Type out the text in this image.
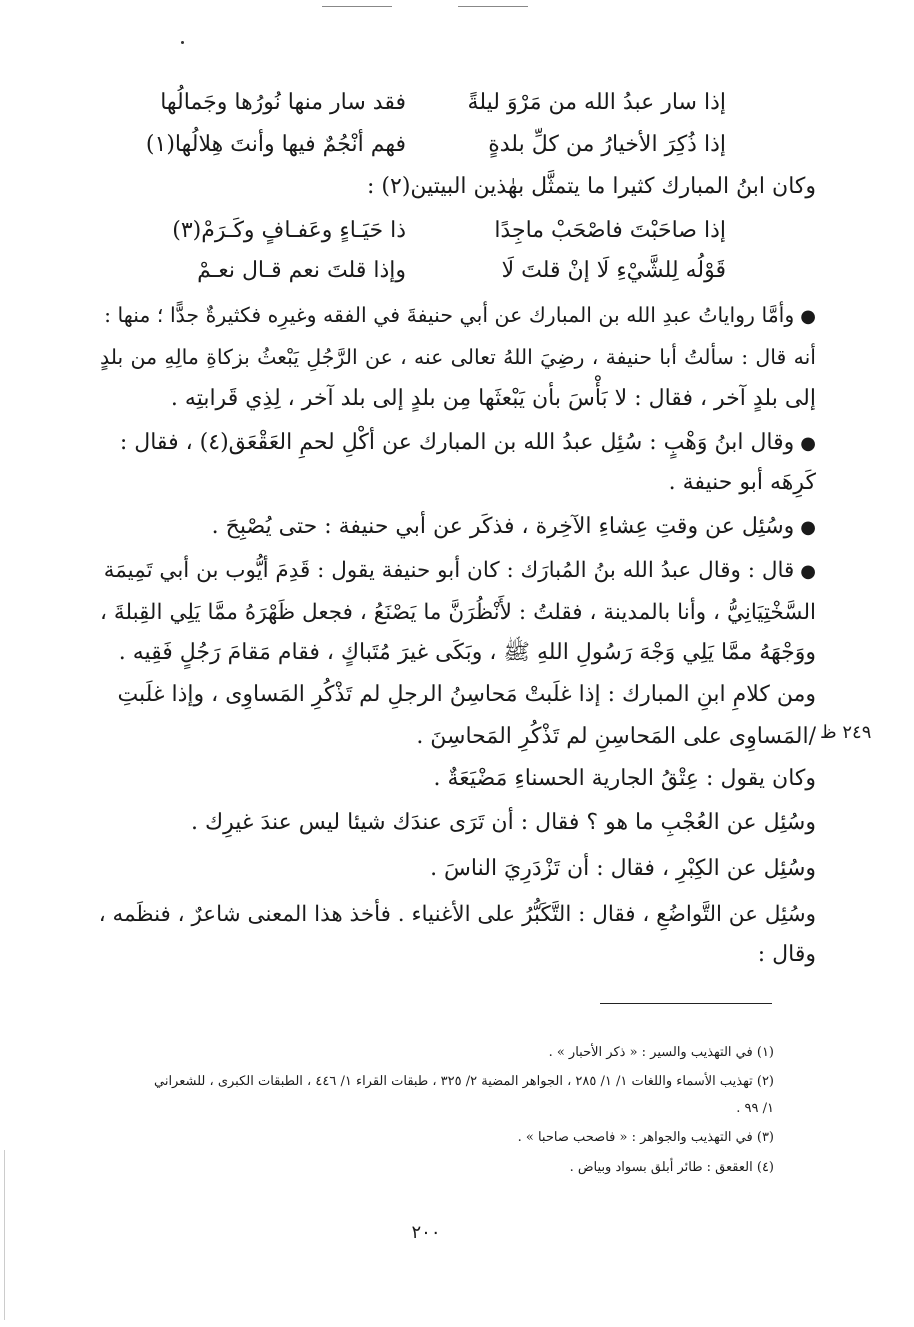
إذا سار عبدُ الله من مَرْوَ ليلةً
فقد سار منها نُورُها وجَمالُها
إذا ذُكِرَ الأخيارُ من كلِّ بلدةٍ
فهم أنْجُمٌ فيها وأنتَ هِلالُها(١)
وكان ابنُ المبارك كثيرا ما يتمثَّل بهٰذين البيتين(٢) :
إذا صاحَبْتَ فاصْحَبْ ماجِدًا
ذا حَيَـاءٍ وعَفـافٍ وكَـرَمْ(٣)
قَوْلُه لِلشَّيْءِ لَا إنْ قلتَ لَا
وإذا قلتَ نعم قـال نعـمْ
●وأمَّا رواياتُ عبدِ الله بن المبارك عن أبي حنيفةَ في الفقه وغيرِه فكثيرةٌ جدًّا ؛ منها :
أنه قال : سألتُ أبا حنيفة ، رضِيَ اللهُ تعالى عنه ، عن الرَّجُلِ يَبْعثُ بزكاةِ مالِهِ من بلدٍ
إلى بلدٍ آخر ، فقال : لا بَأْسَ بأن يَبْعثَها مِن بلدٍ إلى بلد آخر ، لِذِي قَرابتِه .
●وقال ابنُ وَهْبٍ : سُئِل عبدُ الله بن المبارك عن أكْلِ لحمِ العَقْعَق(٤) ، فقال :
كَرِهَه أبو حنيفة .
●وسُئِل عن وقتِ عِشاءِ الآخِرة ، فذكَر عن أبي حنيفة : حتى يُصْبِحَ .
●قال : وقال عبدُ الله بنُ المُبارَك : كان أبو حنيفة يقول : قَدِمَ أيُّوب بن أبي تَمِيمَة
السَّخْتِيَانِيُّ ، وأنا بالمدينة ، فقلتُ : لأَنْظُرَنَّ ما يَصْنَعُ ، فجعل ظَهْرَهُ ممَّا يَلِي القِبلةَ ،
ووَجْهَهُ ممَّا يَلِي وَجْهَ رَسُولِ اللهِ ﷺ ، وبَكَى غيرَ مُتَباكٍ ، فقام مَقامَ رَجُلٍ فَقِيه .
ومن كلامِ ابنِ المبارك : إذا غلَبتْ مَحاسِنُ الرجلِ لم تَذْكُرِ المَساوِى ، وإذا غلَبتِ
/المَساوِى على المَحاسِنِ لم تَذْكُرِ المَحاسِنَ .
وكان يقول : عِتْقُ الجارية الحسناءِ مَضْيَعَةٌ .
وسُئِل عن العُجْبِ ما هو ؟ فقال : أن تَرَى عندَك شيئا ليس عندَ غيرِك .
وسُئِل عن الكِبْرِ ، فقال : أن تَزْدَرِيَ الناسَ .
وسُئِل عن التَّواضُعِ ، فقال : التَّكَبُّرُ على الأغنياء . فأخذ هذا المعنى شاعرٌ ، فنظَمه ،
وقال :
٢٤٩ ظ
(١) في التهذيب والسير : « ذكر الأحبار » .
(٢) تهذيب الأسماء واللغات ١/ ١/ ٢٨٥ ، الجواهر المضية ٢/ ٣٢٥ ، طبقات القراء ١/ ٤٤٦ ، الطبقات الكبرى ، للشعراني
١/ ٩٩ .
(٣) في التهذيب والجواهر : « فاصحب صاحبا » .
(٤) العقعق : طائر أبلق بسواد وبياض .
٢٠٠
